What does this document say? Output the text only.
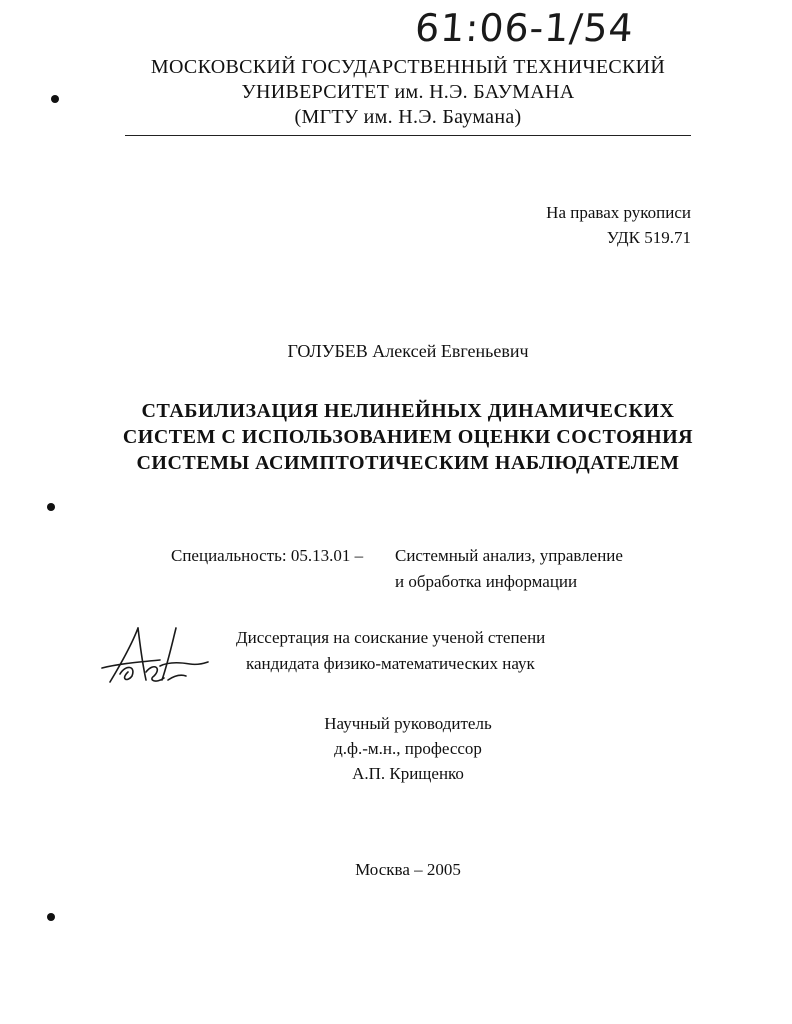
61:06-1/54
МОСКОВСКИЙ ГОСУДАРСТВЕННЫЙ ТЕХНИЧЕСКИЙ
УНИВЕРСИТЕТ им. Н.Э. БАУМАНА
(МГТУ им. Н.Э. Баумана)
На правах рукописи
УДК 519.71
ГОЛУБЕВ Алексей Евгеньевич
СТАБИЛИЗАЦИЯ НЕЛИНЕЙНЫХ ДИНАМИЧЕСКИХ
СИСТЕМ С ИСПОЛЬЗОВАНИЕМ ОЦЕНКИ СОСТОЯНИЯ
СИСТЕМЫ АСИМПТОТИЧЕСКИМ НАБЛЮДАТЕЛЕМ
Специальность: 05.13.01 – Системный анализ, управление
и обработка информации
Диссертация на соискание ученой степени
кандидата физико-математических наук
Научный руководитель
д.ф.-м.н., профессор
А.П. Крищенко
Москва – 2005
